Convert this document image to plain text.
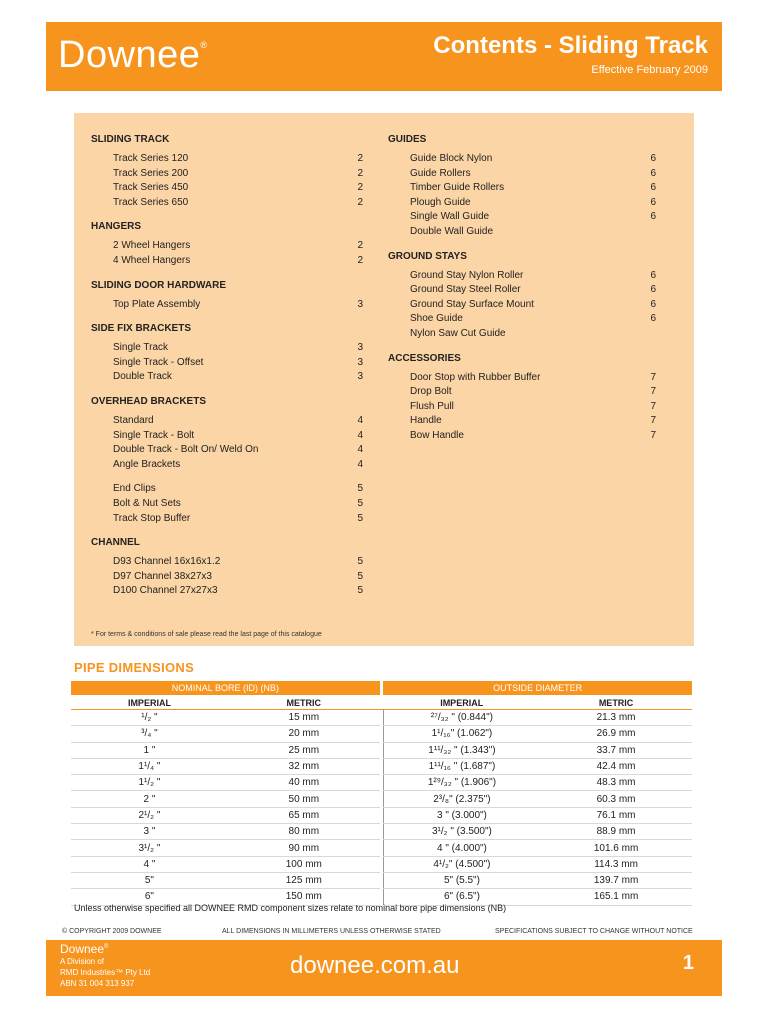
Downee®	Contents - Sliding Track
Effective February 2009
SLIDING TRACK
Track Series 120	2
Track Series 200	2
Track Series 450	2
Track Series 650	2
HANGERS
2 Wheel Hangers	2
4 Wheel Hangers	2
SLIDING DOOR HARDWARE
Top Plate Assembly	3
SIDE FIX BRACKETS
Single Track	3
Single Track - Offset	3
Double Track	3
OVERHEAD BRACKETS
Standard	4
Single Track - Bolt	4
Double Track - Bolt On/ Weld On	4
Angle Brackets	4
End Clips	5
Bolt & Nut Sets	5
Track Stop Buffer	5
CHANNEL
D93 Channel 16x16x1.2	5
D97 Channel 38x27x3	5
D100 Channel 27x27x3	5
GUIDES
Guide Block Nylon	6
Guide Rollers	6
Timber Guide Rollers	6
Plough Guide	6
Single Wall Guide	6
Double Wall Guide
GROUND STAYS
Ground Stay Nylon Roller	6
Ground Stay Steel Roller	6
Ground Stay Surface Mount	6
Shoe Guide	6
Nylon Saw Cut Guide
ACCESSORIES
Door Stop with Rubber Buffer	7
Drop Bolt	7
Flush Pull	7
Handle	7
Bow Handle	7
* For terms & conditions of sale please read the last page of this catalogue
PIPE DIMENSIONS
NOMINAL BORE (ID) (NB)			OUTSIDE DIAMETER	
IMPERIAL	METRIC		IMPERIAL	METRIC
¹/₂ "	15 mm		²⁷/₃₂ " (0.844")	21.3 mm
³/₄ "	20 mm		1¹/₁₆" (1.062")	26.9 mm
1 "	25 mm		1¹¹/₃₂ " (1.343")	33.7 mm
1¹/₄ "	32 mm		1¹¹/₁₆ " (1.687")	42.4 mm
1¹/₂ "	40 mm		1²⁹/₃₂ " (1.906")	48.3 mm
2 "	50 mm		2³/₈" (2.375")	60.3 mm
2¹/₂ "	65 mm		3 " (3.000")	76.1 mm
3 "	80 mm		3¹/₂ " (3.500")	88.9 mm
3¹/₂ "	90 mm		4 " (4.000")	101.6 mm
4 "	100 mm		4¹/₂" (4.500")	114.3 mm
5"	125 mm		5" (5.5")	139.7 mm
6"	150 mm		6" (6.5")	165.1 mm
Unless otherwise specified all DOWNEE RMD component sizes relate to nominal bore pipe dimensions (NB)
© COPYRIGHT 2009 DOWNEE	ALL DIMENSIONS IN MILLIMETERS UNLESS OTHERWISE STATED	SPECIFICATIONS SUBJECT TO CHANGE WITHOUT NOTICE
Downee®
A Division of
RMD Industries™ Pty Ltd
ABN 31 004 313 937
downee.com.au	1
